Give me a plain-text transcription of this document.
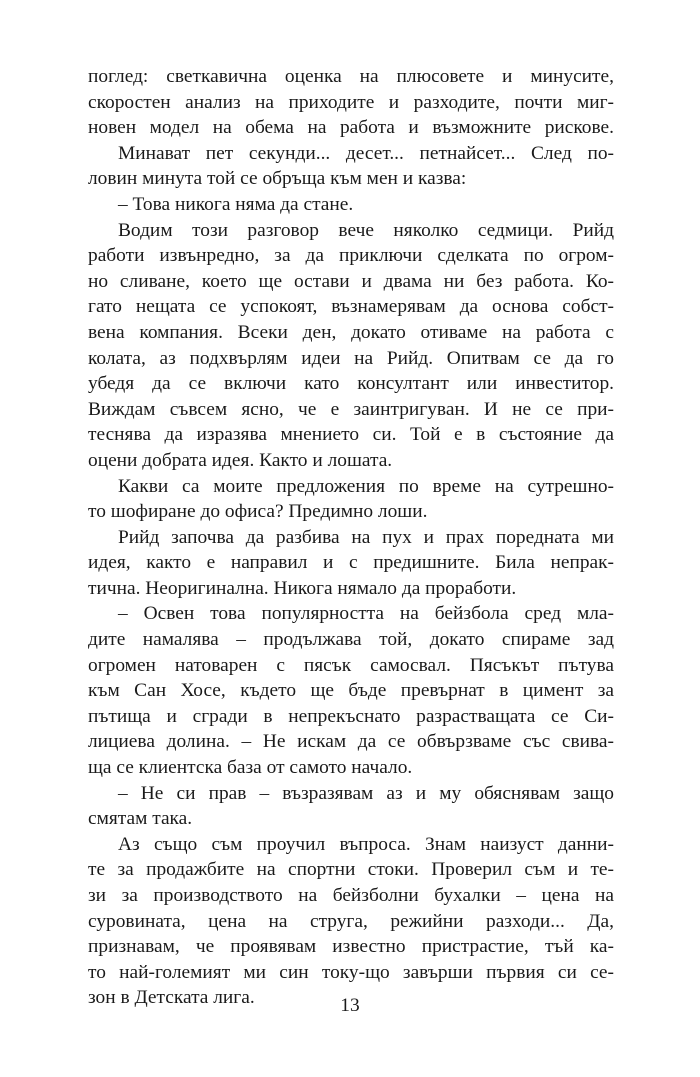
поглед: светкавична оценка на плюсовете и минусите,
скоростен анализ на приходите и разходите, почти миг-
новен модел на обема на работа и възможните рискове.
Минават пет секунди... десет... петнайсет... След по-
ловин минута той се обръща към мен и казва:
– Това никога няма да стане.
Водим този разговор вече няколко седмици. Рийд
работи извънредно, за да приключи сделката по огром-
но сливане, което ще остави и двама ни без работа. Ко-
гато нещата се успокоят, възнамерявам да основа собст-
вена компания. Всеки ден, докато отиваме на работа с
колата, аз подхвърлям идеи на Рийд. Опитвам се да го
убедя да се включи като консултант или инвеститор.
Виждам съвсем ясно, че е заинтригуван. И не се при-
теснява да изразява мнението си. Той е в състояние да
оцени добрата идея. Както и лошата.
Какви са моите предложения по време на сутрешно-
то шофиране до офиса? Предимно лоши.
Рийд започва да разбива на пух и прах поредната ми
идея, както е направил и с предишните. Била непрак-
тична. Неоригинална. Никога нямало да проработи.
– Освен това популярността на бейзбола сред мла-
дите намалява – продължава той, докато спираме зад
огромен натоварен с пясък самосвал. Пясъкът пътува
към Сан Хосе, където ще бъде превърнат в цимент за
пътища и сгради в непрекъснато разрастващата се Си-
лициева долина. – Не искам да се обвързваме със свива-
ща се клиентска база от самото начало.
– Не си прав – възразявам аз и му обяснявам защо
смятам така.
Аз също съм проучил въпроса. Знам наизуст данни-
те за продажбите на спортни стоки. Проверил съм и те-
зи за производството на бейзболни бухалки – цена на
суровината, цена на струга, режийни разходи... Да,
признавам, че проявявам известно пристрастие, тъй ка-
то най-големият ми син току-що завърши първия си се-
зон в Детската лига.	13
